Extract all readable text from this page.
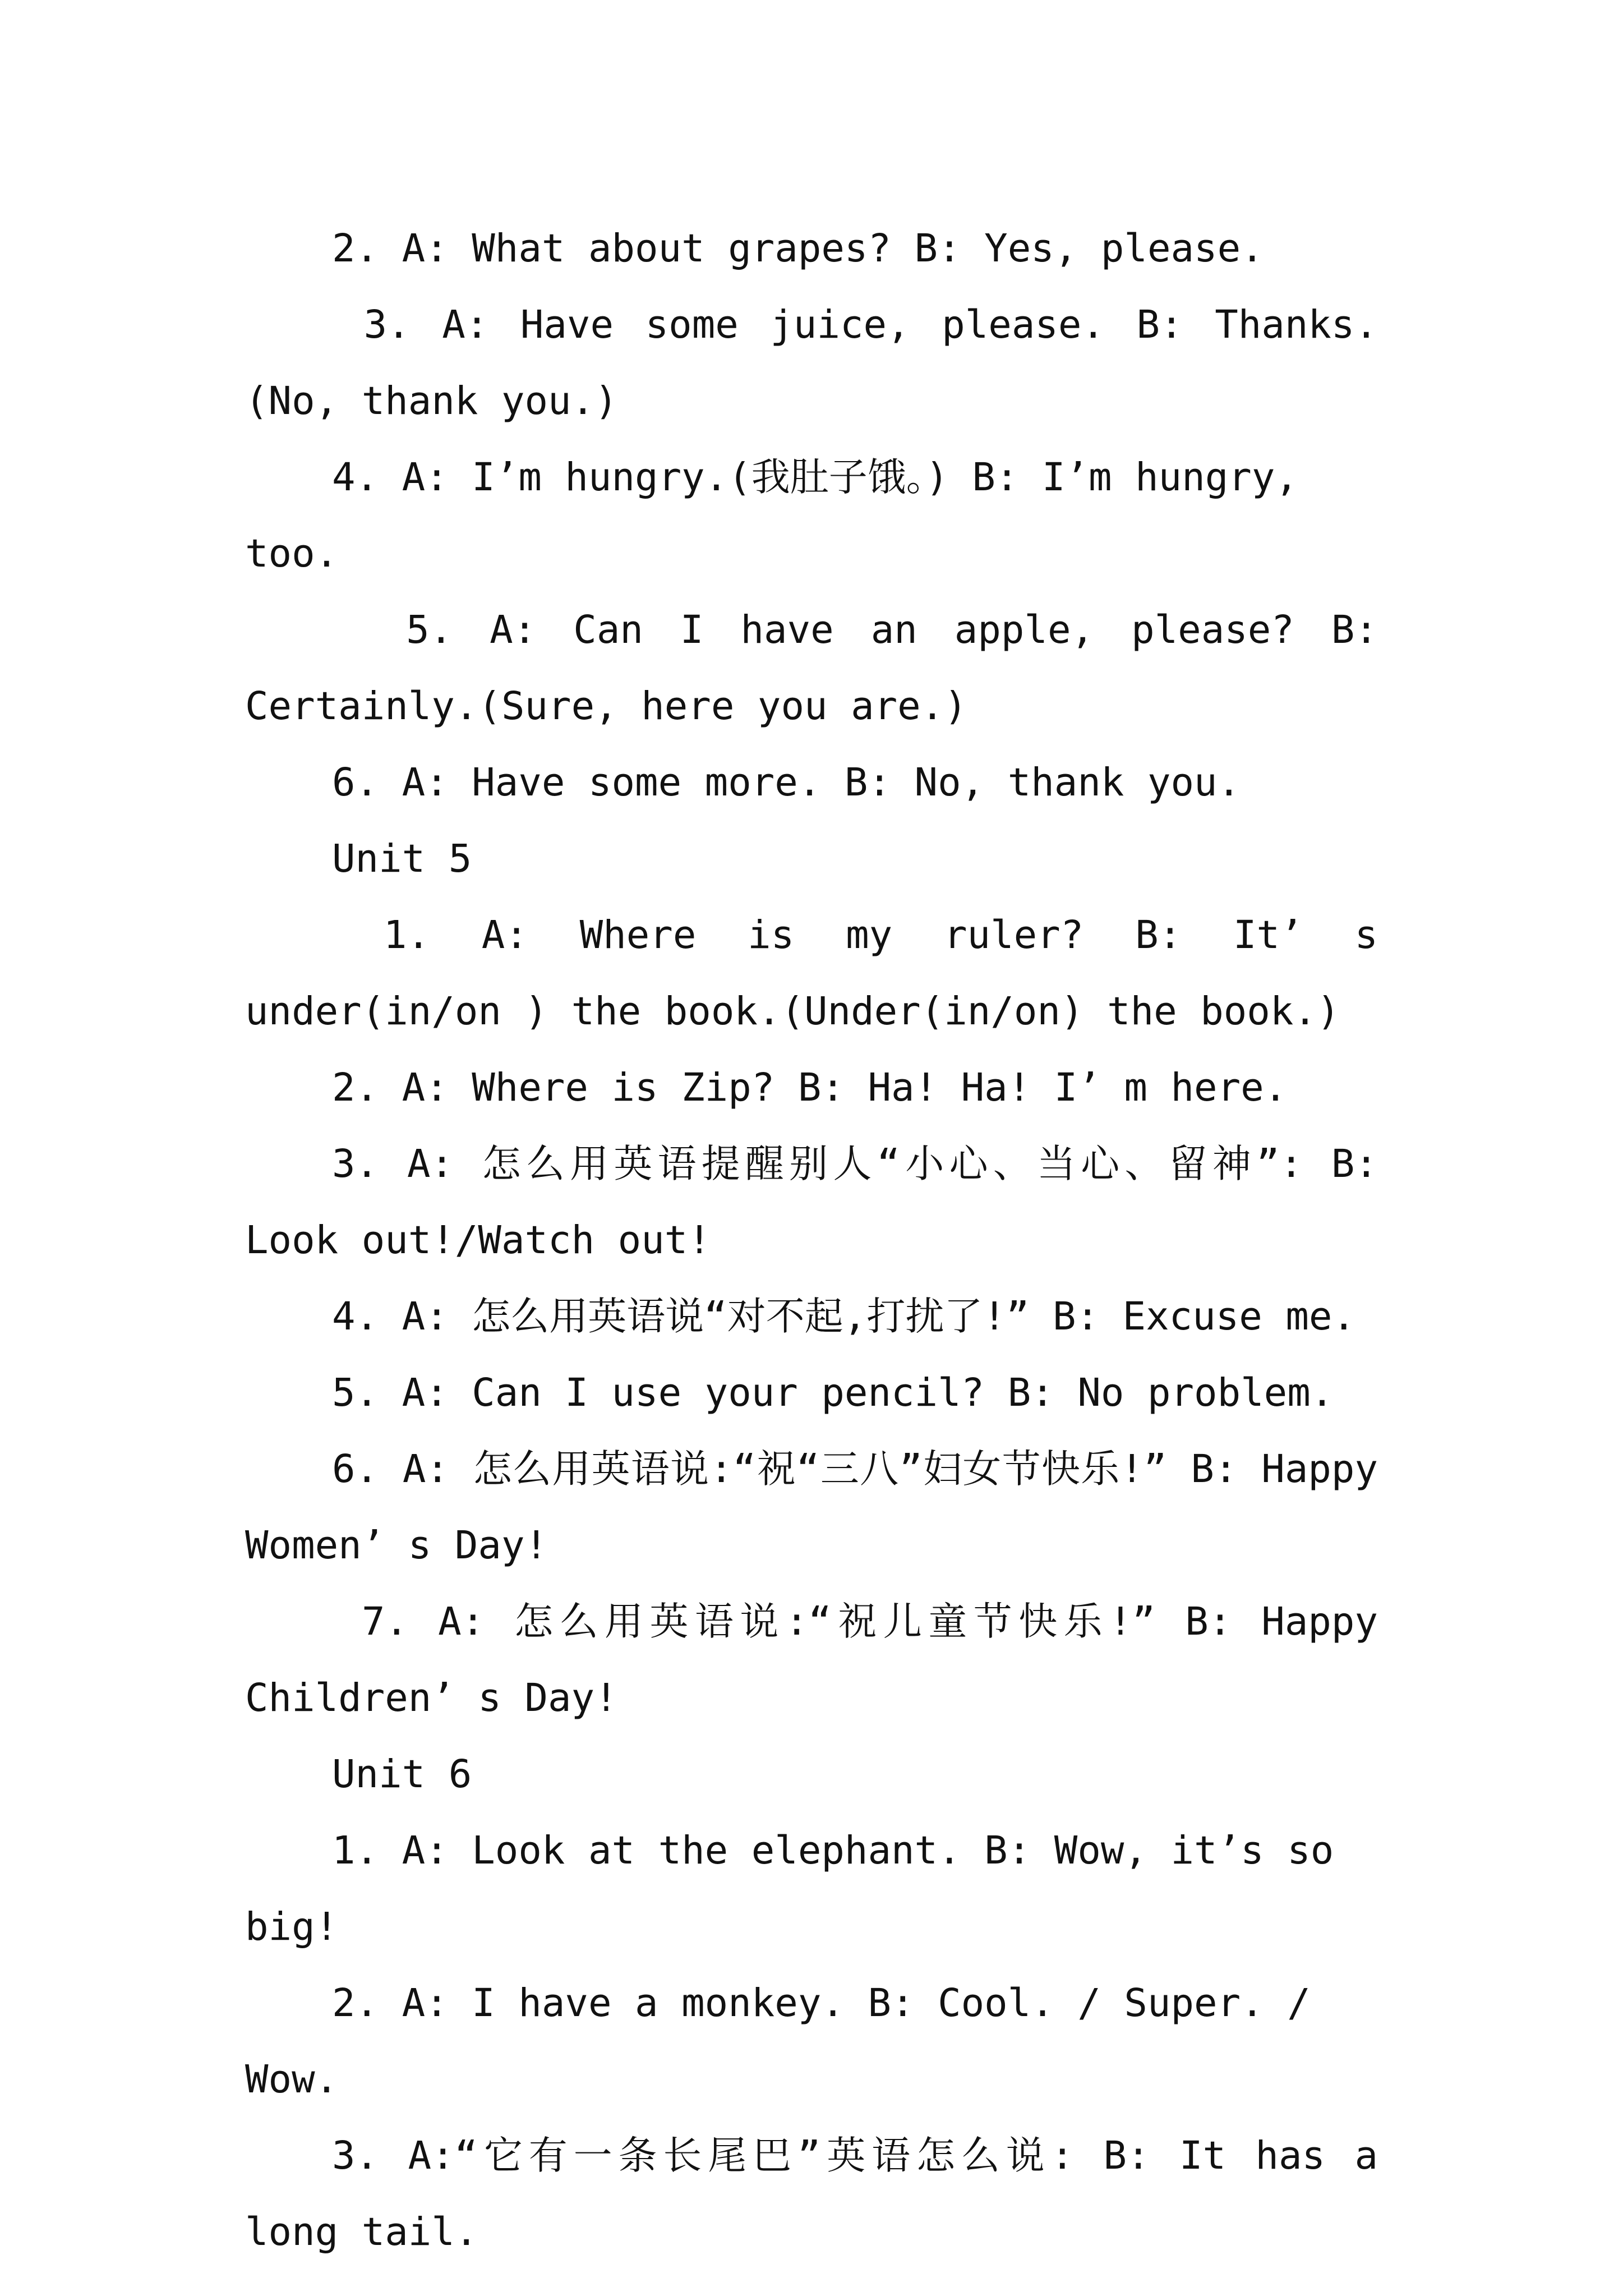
2. A: What about grapes? B: Yes, please.

3. A: Have some juice, please. B: Thanks.(No, thank you.)

4. A: I’m hungry.(我肚子饿。) B: I’m hungry, too.

5. A: Can I have an apple, please? B: Certainly.(Sure, here you are.)

6. A: Have some more. B: No, thank you.

Unit 5

1. A: Where is my ruler? B: It’ s under(in/on ) the book.(Under(in/on) the book.)

2. A: Where is Zip? B: Ha! Ha! I’ m here.

3. A: 怎么用英语提醒别人“小心、当心、留神”: B: Look out!/Watch out!

4. A: 怎么用英语说“对不起,打扰了!” B: Excuse me.

5. A: Can I use your pencil? B: No problem.

6. A: 怎么用英语说:“祝“三八”妇女节快乐!” B: Happy Women’ s Day!

7. A: 怎么用英语说:“祝儿童节快乐!” B: Happy Children’ s Day!

Unit 6

1. A: Look at the elephant. B: Wow, it’s so big!

2. A: I have a monkey. B: Cool. / Super. / Wow.

3. A:“它有一条长尾巴”英语怎么说: B: It has a long tail.
